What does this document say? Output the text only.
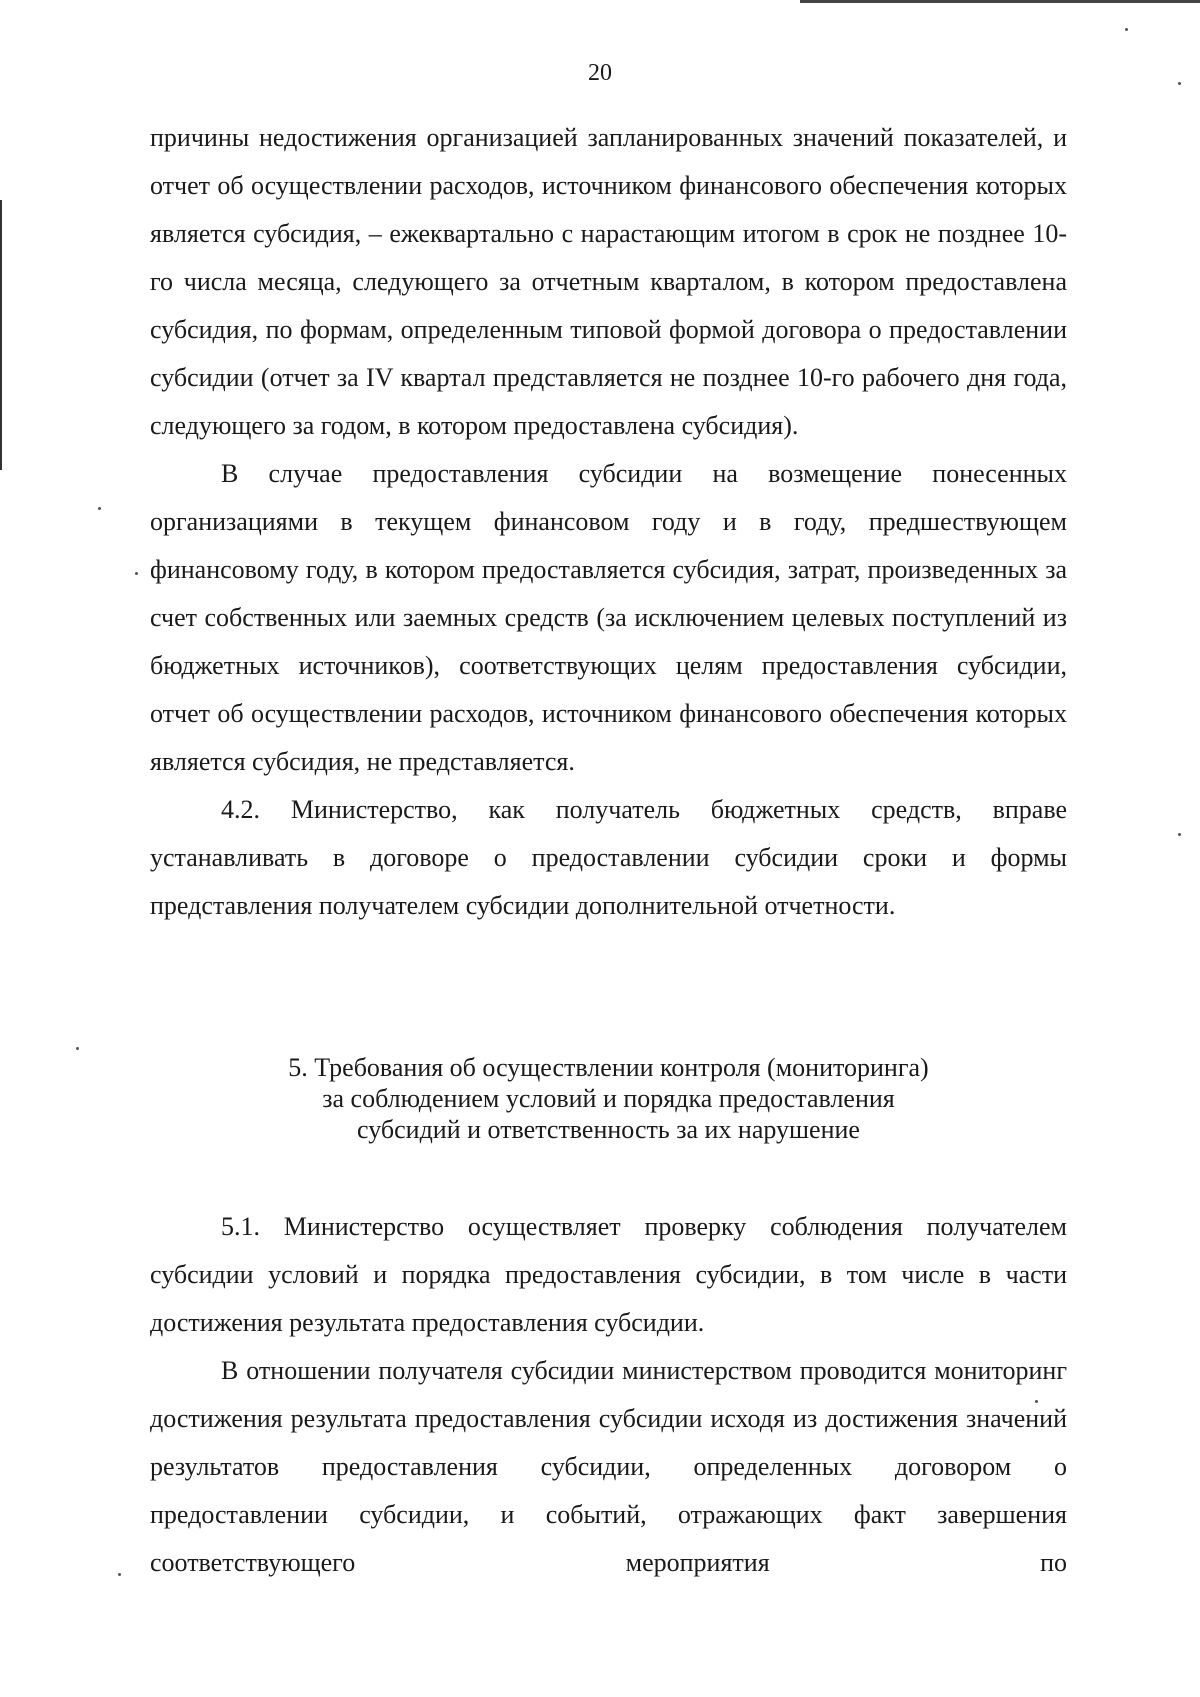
20

причины недостижения организацией запланированных значений показателей, и отчет об осуществлении расходов, источником финансового обеспечения которых является субсидия, – ежеквартально с нарастающим итогом в срок не позднее 10-го числа месяца, следующего за отчетным кварталом, в котором предоставлена субсидия, по формам, определенным типовой формой договора о предоставлении субсидии (отчет за IV квартал представляется не позднее 10-го рабочего дня года, следующего за годом, в котором предоставлена субсидия).

В случае предоставления субсидии на возмещение понесенных организациями в текущем финансовом году и в году, предшествующем финансовому году, в котором предоставляется субсидия, затрат, произведенных за счет собственных или заемных средств (за исключением целевых поступлений из бюджетных источников), соответствующих целям предоставления субсидии, отчет об осуществлении расходов, источником финансового обеспечения которых является субсидия, не представляется.

4.2. Министерство, как получатель бюджетных средств, вправе устанавливать в договоре о предоставлении субсидии сроки и формы представления получателем субсидии дополнительной отчетности.

5. Требования об осуществлении контроля (мониторинга)
за соблюдением условий и порядка предоставления
субсидий и ответственность за их нарушение

5.1. Министерство осуществляет проверку соблюдения получателем субсидии условий и порядка предоставления субсидии, в том числе в части достижения результата предоставления субсидии.

В отношении получателя субсидии министерством проводится мониторинг достижения результата предоставления субсидии исходя из достижения значений результатов предоставления субсидии, определенных договором о предоставлении субсидии, и событий, отражающих факт завершения соответствующего мероприятия по
